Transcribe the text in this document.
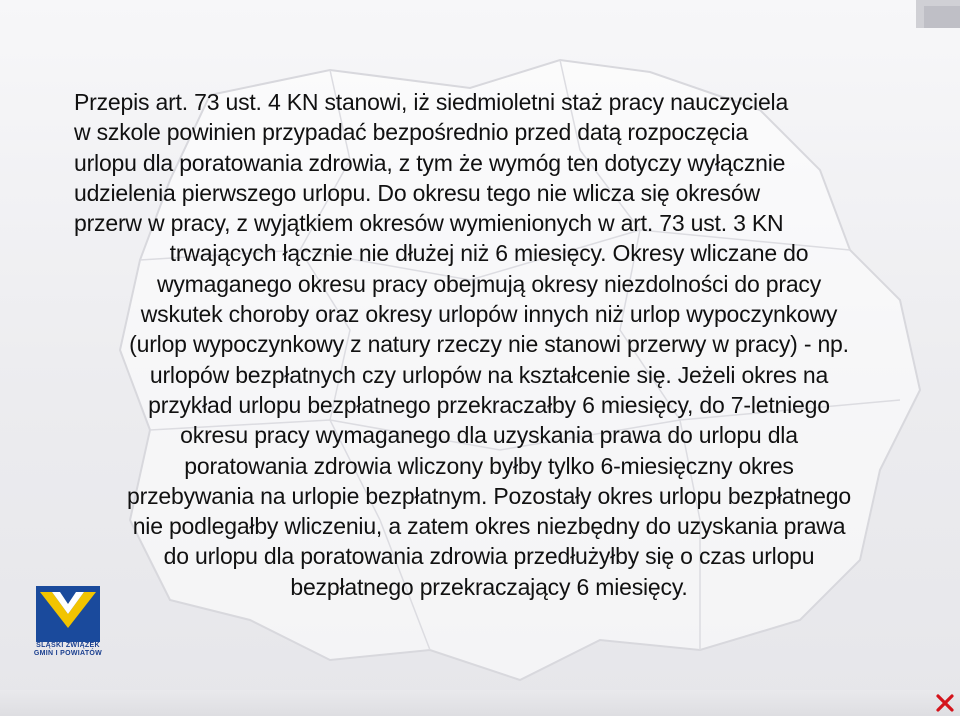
Przepis art. 73 ust. 4 KN stanowi, iż siedmioletni staż pracy nauczyciela
w szkole powinien przypadać bezpośrednio przed datą rozpoczęcia
urlopu dla poratowania zdrowia, z tym że wymóg ten dotyczy wyłącznie
udzielenia pierwszego urlopu. Do okresu tego nie wlicza się okresów
przerw w pracy, z wyjątkiem okresów wymienionych w art. 73 ust. 3 KN
trwających łącznie nie dłużej niż 6 miesięcy. Okresy wliczane do
wymaganego okresu pracy obejmują okresy niezdolności do pracy
wskutek choroby oraz okresy urlopów innych niż urlop wypoczynkowy
(urlop wypoczynkowy z natury rzeczy nie stanowi przerwy w pracy) - np.
urlopów bezpłatnych czy urlopów na kształcenie się. Jeżeli okres na
przykład urlopu bezpłatnego przekraczałby 6 miesięcy, do 7-letniego
okresu pracy wymaganego dla uzyskania prawa do urlopu dla
poratowania zdrowia wliczony byłby tylko 6-miesięczny okres
przebywania na urlopie bezpłatnym. Pozostały okres urlopu bezpłatnego
nie podlegałby wliczeniu, a zatem okres niezbędny do uzyskania prawa
do urlopu dla poratowania zdrowia przedłużyłby się o czas urlopu
bezpłatnego przekraczający 6 miesięcy.
ŚLĄSKI ZWIĄZEK
GMIN I POWIATÓW
